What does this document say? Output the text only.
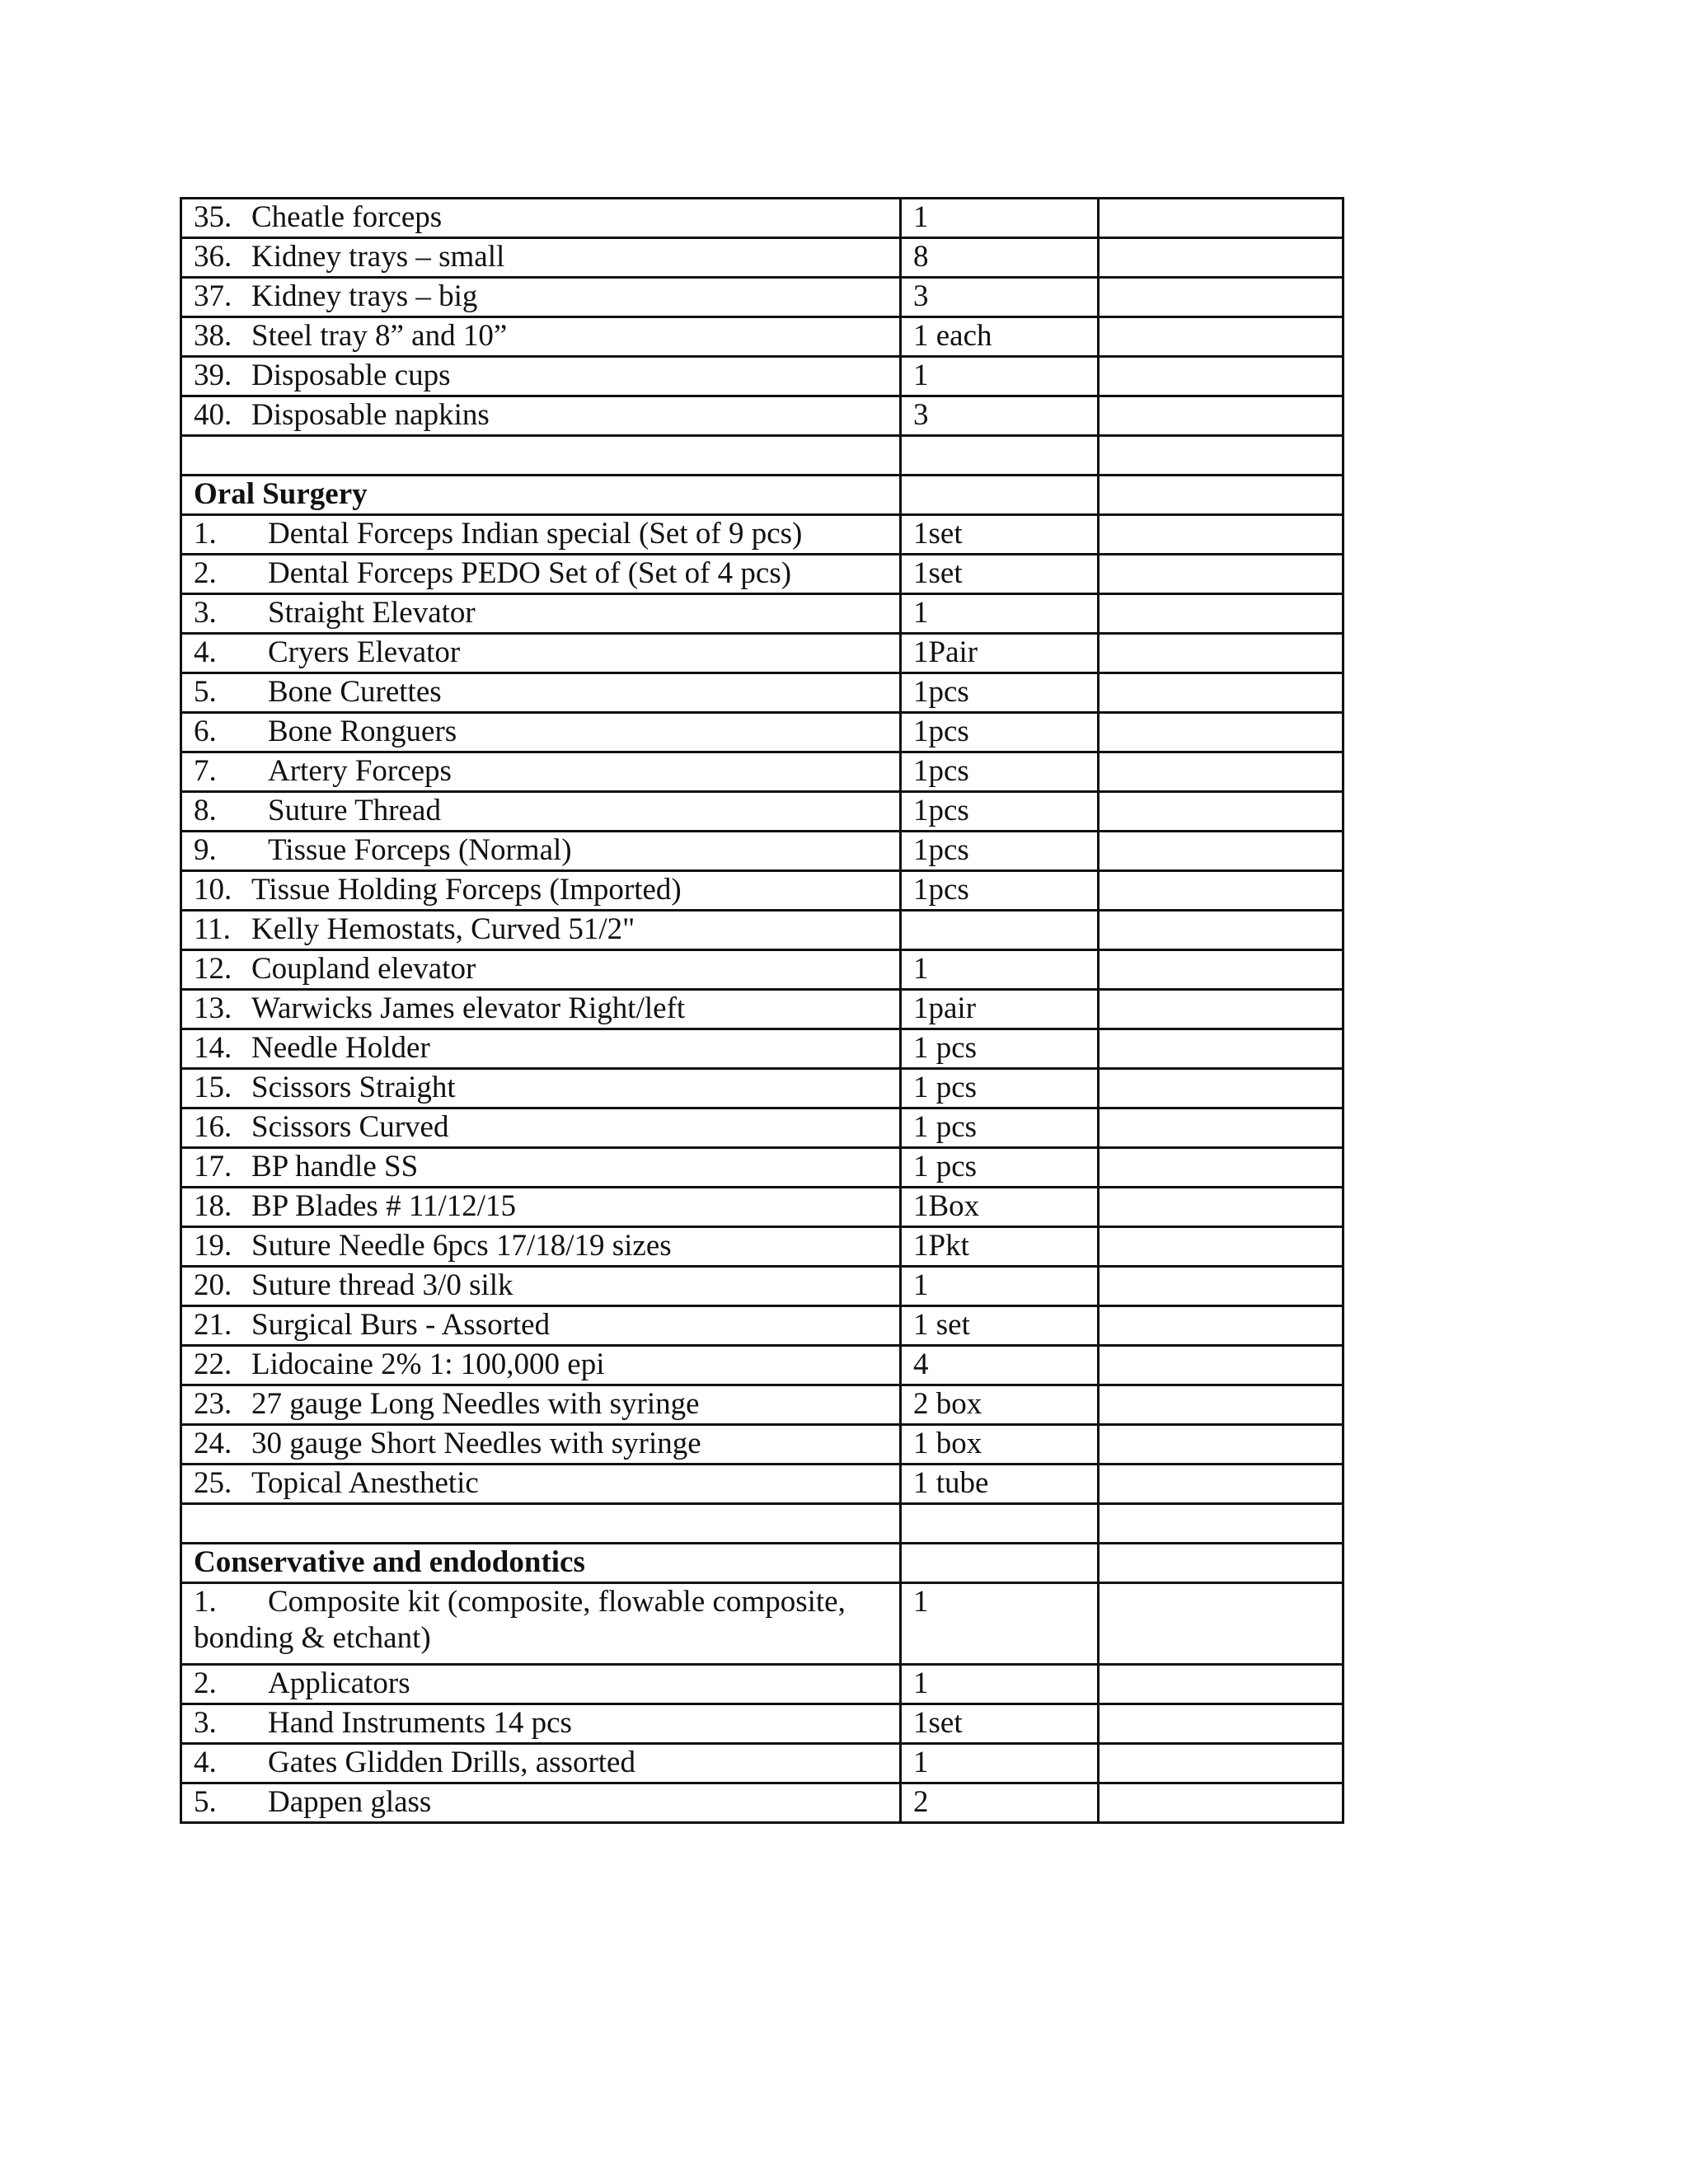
35. Cheatle forceps	1	
36. Kidney trays – small	8	
37. Kidney trays – big	3	
38. Steel tray 8” and 10”	1 each	
39. Disposable cups	1	
40. Disposable napkins	3	

Oral Surgery		
1. Dental Forceps Indian special (Set of 9 pcs)	1set	
2. Dental Forceps PEDO Set of (Set of 4 pcs)	1set	
3. Straight Elevator	1	
4. Cryers Elevator	1Pair	
5. Bone Curettes	1pcs	
6. Bone Ronguers	1pcs	
7. Artery Forceps	1pcs	
8. Suture Thread	1pcs	
9. Tissue Forceps (Normal)	1pcs	
10. Tissue Holding Forceps (Imported)	1pcs	
11. Kelly Hemostats, Curved 51/2"		
12. Coupland elevator	1	
13. Warwicks James elevator Right/left	1pair	
14. Needle Holder	1 pcs	
15. Scissors Straight	1 pcs	
16. Scissors Curved	1 pcs	
17. BP handle SS	1 pcs	
18. BP Blades # 11/12/15	1Box	
19. Suture Needle 6pcs 17/18/19 sizes	1Pkt	
20. Suture thread 3/0 silk	1	
21. Surgical Burs - Assorted	1 set	
22. Lidocaine 2% 1: 100,000 epi	4	
23. 27 gauge Long Needles with syringe	2 box	
24. 30 gauge Short Needles with syringe	1 box	
25. Topical Anesthetic	1 tube	

Conservative and endodontics		
1. Composite kit (composite, flowable composite, bonding & etchant)	1	
2. Applicators	1	
3. Hand Instruments 14 pcs	1set	
4. Gates Glidden Drills, assorted	1	
5. Dappen glass	2	
